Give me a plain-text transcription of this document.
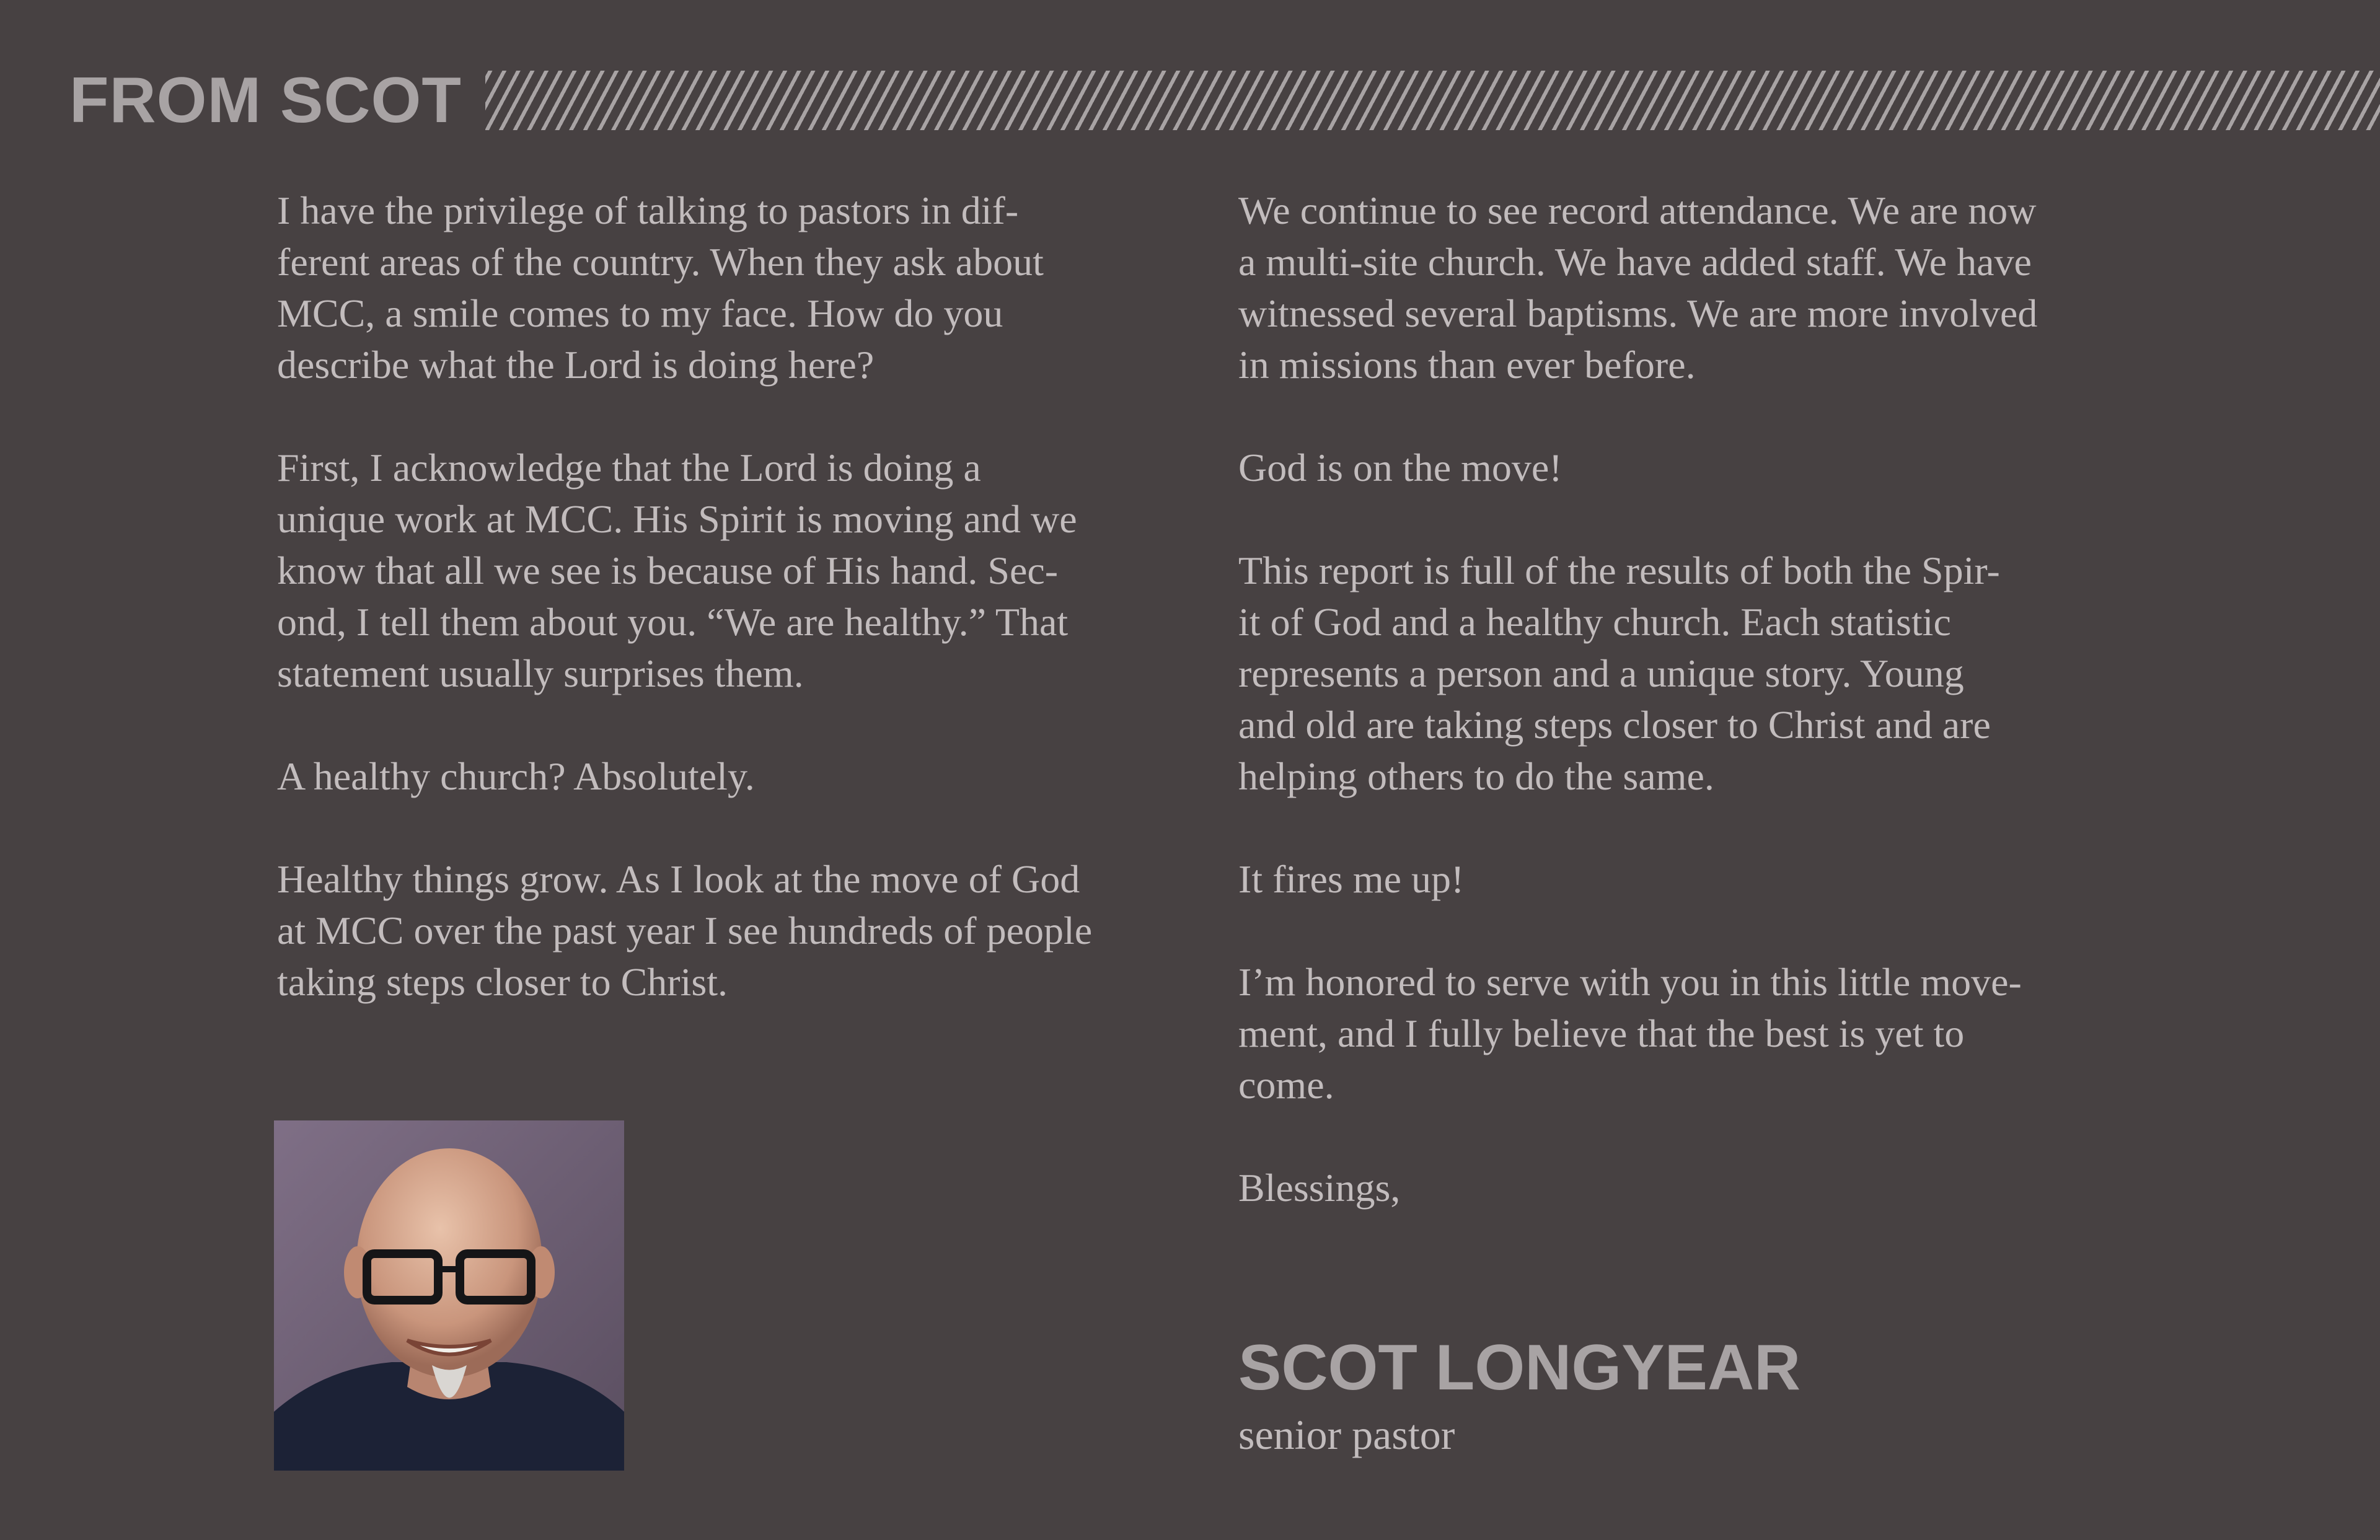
FROM SCOT

I have the privilege of talking to pastors in dif-
ferent areas of the country. When they ask about
MCC, a smile comes to my face. How do you
describe what the Lord is doing here?

First, I acknowledge that the Lord is doing a
unique work at MCC. His Spirit is moving and we
know that all we see is because of His hand. Sec-
ond, I tell them about you. “We are healthy.” That
statement usually surprises them.

A healthy church? Absolutely.

Healthy things grow. As I look at the move of God
at MCC over the past year I see hundreds of people
taking steps closer to Christ.

We continue to see record attendance. We are now
a multi-site church. We have added staff. We have
witnessed several baptisms. We are more involved
in missions than ever before.

God is on the move!

This report is full of the results of both the Spir-
it of God and a healthy church. Each statistic
represents a person and a unique story. Young
and old are taking steps closer to Christ and are
helping others to do the same.

It fires me up!

I’m honored to serve with you in this little move-
ment, and I fully believe that the best is yet to
come.

Blessings,

SCOT LONGYEAR
senior pastor
